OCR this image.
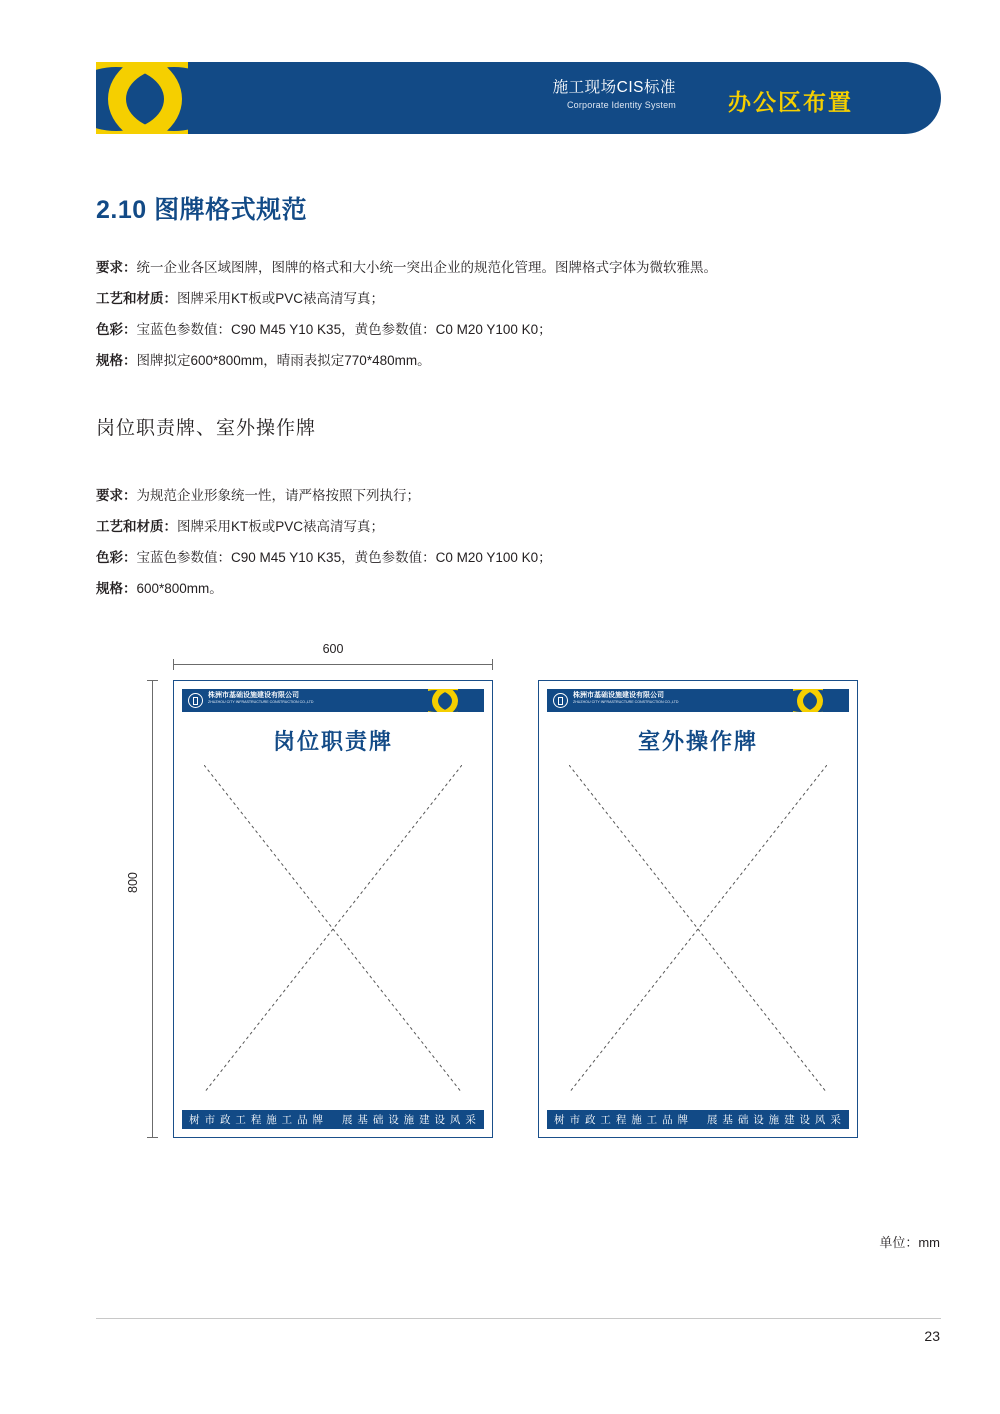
施工现场CIS标准
Corporate Identity System 办公区布置
2.10 图牌格式规范
要求：统一企业各区域图牌，图牌的格式和大小统一突出企业的规范化管理。图牌格式字体为微软雅黑。
工艺和材质：图牌采用KT板或PVC裱高清写真；
色彩：宝蓝色参数值：C90 M45 Y10 K35，黄色参数值：C0 M20 Y100 K0；
规格：图牌拟定600*800mm，晴雨表拟定770*480mm。
岗位职责牌、室外操作牌
要求：为规范企业形象统一性，请严格按照下列执行；
工艺和材质：图牌采用KT板或PVC裱高清写真；
色彩：宝蓝色参数值：C90 M45 Y10 K35，黄色参数值：C0 M20 Y100 K0；
规格：600*800mm。
600
800
株洲市基础设施建设有限公司
ZHUZHOU CITY INFRASTRUCTURE CONSTRUCTION CO.,LTD
岗位职责牌
树 市 政 工 程 施 工 品 牌 展 基 础 设 施 建 设 风 采
株洲市基础设施建设有限公司
ZHUZHOU CITY INFRASTRUCTURE CONSTRUCTION CO.,LTD
室外操作牌
树 市 政 工 程 施 工 品 牌 展 基 础 设 施 建 设 风 采
单位：mm
23
